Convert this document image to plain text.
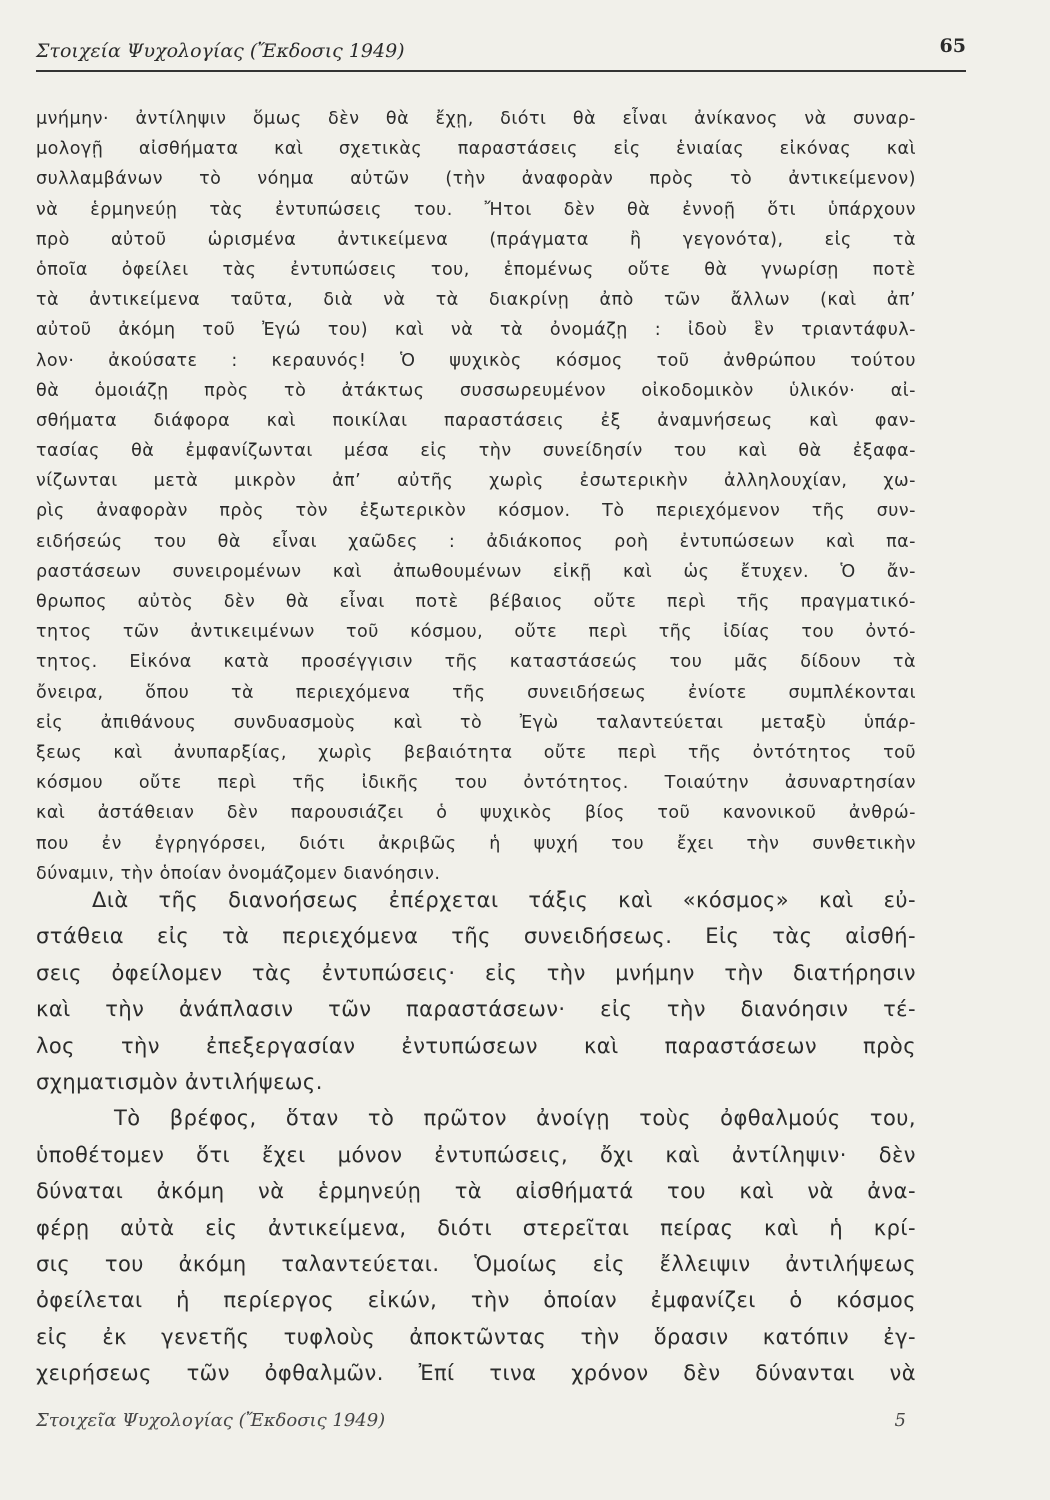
Στοιχεία Ψυχολογίας (Ἔκδοσις 1949)	65
μνήμην· ἀντίληψιν ὅμως δὲν θὰ ἔχῃ, διότι θὰ εἶναι ἀνίκανος νὰ συναρ-
μολογῇ αἰσθήματα καὶ σχετικὰς παραστάσεις εἰς ἑνιαίας εἰκόνας καὶ
συλλαμβάνων τὸ νόημα αὐτῶν (τὴν ἀναφορὰν πρὸς τὸ ἀντικείμενον)
νὰ ἑρμηνεύῃ τὰς ἐντυπώσεις του. Ἤτοι δὲν θὰ ἐννοῇ ὅτι ὑπάρχουν
πρὸ αὐτοῦ ὡρισμένα ἀντικείμενα (πράγματα ἢ γεγονότα), εἰς τὰ
ὁποῖα ὀφείλει τὰς ἐντυπώσεις του, ἑπομένως οὔτε θὰ γνωρίσῃ ποτὲ
τὰ ἀντικείμενα ταῦτα, διὰ νὰ τὰ διακρίνῃ ἀπὸ τῶν ἄλλων (καὶ ἀπ’
αὐτοῦ ἀκόμη τοῦ Ἐγώ του) καὶ νὰ τὰ ὀνομάζῃ : ἰδοὺ ἓν τριαντάφυλ-
λον· ἀκούσατε : κεραυνός! Ὁ ψυχικὸς κόσμος τοῦ ἀνθρώπου τούτου
θὰ ὁμοιάζῃ πρὸς τὸ ἀτάκτως συσσωρευμένον οἰκοδομικὸν ὑλικόν· αἰ-
σθήματα διάφορα καὶ ποικίλαι παραστάσεις ἐξ ἀναμνήσεως καὶ φαν-
τασίας θὰ ἐμφανίζωνται μέσα εἰς τὴν συνείδησίν του καὶ θὰ ἐξαφα-
νίζωνται μετὰ μικρὸν ἀπ’ αὐτῆς χωρὶς ἐσωτερικὴν ἀλληλουχίαν, χω-
ρὶς ἀναφορὰν πρὸς τὸν ἐξωτερικὸν κόσμον. Τὸ περιεχόμενον τῆς συν-
ειδήσεώς του θὰ εἶναι χαῶδες : ἀδιάκοπος ροὴ ἐντυπώσεων καὶ πα-
ραστάσεων συνειρομένων καὶ ἀπωθουμένων εἰκῇ καὶ ὡς ἔτυχεν. Ὁ ἄν-
θρωπος αὐτὸς δὲν θὰ εἶναι ποτὲ βέβαιος οὔτε περὶ τῆς πραγματικό-
τητος τῶν ἀντικειμένων τοῦ κόσμου, οὔτε περὶ τῆς ἰδίας του ὀντό-
τητος. Εἰκόνα κατὰ προσέγγισιν τῆς καταστάσεώς του μᾶς δίδουν τὰ
ὄνειρα, ὅπου τὰ περιεχόμενα τῆς συνειδήσεως ἐνίοτε συμπλέκονται
εἰς ἀπιθάνους συνδυασμοὺς καὶ τὸ Ἐγὼ ταλαντεύεται μεταξὺ ὑπάρ-
ξεως καὶ ἀνυπαρξίας, χωρὶς βεβαιότητα οὔτε περὶ τῆς ὀντότητος τοῦ
κόσμου οὔτε περὶ τῆς ἰδικῆς του ὀντότητος. Τοιαύτην ἀσυναρτησίαν
καὶ ἀστάθειαν δὲν παρουσιάζει ὁ ψυχικὸς βίος τοῦ κανονικοῦ ἀνθρώ-
που ἐν ἐγρηγόρσει, διότι ἀκριβῶς ἡ ψυχή του ἔχει τὴν συνθετικὴν
δύναμιν, τὴν ὁποίαν ὀνομάζομεν διανόησιν.
Διὰ τῆς διανοήσεως ἐπέρχεται τάξις καὶ «κόσμος» καὶ εὐ-
στάθεια εἰς τὰ περιεχόμενα τῆς συνειδήσεως. Εἰς τὰς αἰσθή-
σεις ὀφείλομεν τὰς ἐντυπώσεις· εἰς τὴν μνήμην τὴν διατήρησιν
καὶ τὴν ἀνάπλασιν τῶν παραστάσεων· εἰς τὴν διανόησιν τέ-
λος τὴν ἐπεξεργασίαν ἐντυπώσεων καὶ παραστάσεων πρὸς
σχηματισμὸν ἀντιλήψεως.
Τὸ βρέφος, ὅταν τὸ πρῶτον ἀνοίγῃ τοὺς ὀφθαλμούς του,
ὑποθέτομεν ὅτι ἔχει μόνον ἐντυπώσεις, ὄχι καὶ ἀντίληψιν· δὲν
δύναται ἀκόμη νὰ ἑρμηνεύῃ τὰ αἰσθήματά του καὶ νὰ ἀνα-
φέρῃ αὐτὰ εἰς ἀντικείμενα, διότι στερεῖται πείρας καὶ ἡ κρί-
σις του ἀκόμη ταλαντεύεται. Ὁμοίως εἰς ἔλλειψιν ἀντιλήψεως
ὀφείλεται ἡ περίεργος εἰκών, τὴν ὁποίαν ἐμφανίζει ὁ κόσμος
εἰς ἐκ γενετῆς τυφλοὺς ἀποκτῶντας τὴν ὅρασιν κατόπιν ἐγ-
χειρήσεως τῶν ὀφθαλμῶν. Ἐπί τινα χρόνον δὲν δύνανται νὰ
Στοιχεῖα Ψυχολογίας (Ἔκδοσις 1949)	5
